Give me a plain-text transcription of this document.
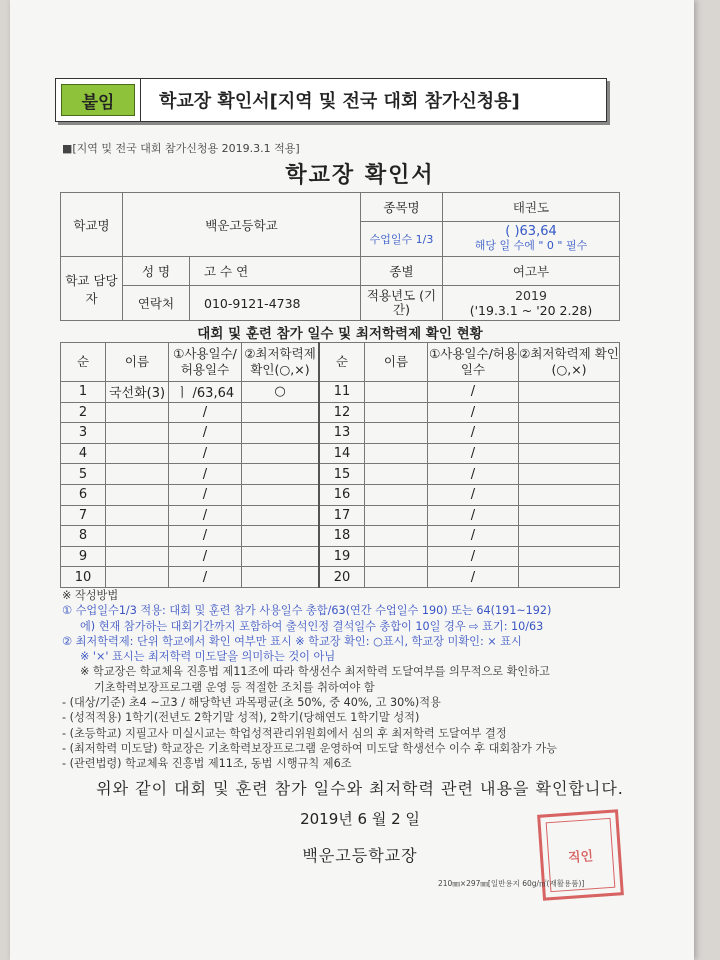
붙임	학교장 확인서[지역 및 전국 대회 참가신청용]
■[지역 및 전국 대회 참가신청용 2019.3.1 적용]
학교장 확인서
학교명	백운고등학교		종목명	태권도
			수업일수 1/3	( )63,64
해당 일 수에 " 0 " 필수

학교 담당자	성 명	고 수 연	종별	여고부
	연락처	010-9121-4738	적용년도 (기간)	2019
('19.3.1 ~ '20 2.28)
대회 및 훈련 참가 일수 및 최저학력제 확인 현황
순	이름	①사용일수/허용일수	②최저학력제 확인(○,×)	순	이름	①사용일수/허용일수	②최저학력제 확인(○,×)
1	국선화(3)	ㅣ /63,64	○	11		/	
2		/		12		/	
3		/		13		/	
4		/		14		/	
5		/		15		/	
6		/		16		/	
7		/		17		/	
8		/		18		/	
9		/		19		/	
10		/		20		/	
※ 작성방법
① 수업일수1/3 적용: 대회 및 훈련 참가 사용일수 총합/63(연간 수업일수 190) 또는 64(191~192)
에) 현재 참가하는 대회기간까지 포함하여 출석인정 결석일수 총합이 10일 경우 ⇨ 표기: 10/63
② 최저학력제: 단위 학교에서 확인 여부만 표시 ※ 학교장 확인: ○표시, 학교장 미확인: × 표시
※ '×' 표시는 최저학력 미도달을 의미하는 것이 아님
※ 학교장은 학교체육 진흥법 제11조에 따라 학생선수 최저학력 도달여부를 의무적으로 확인하고
기초학력보장프로그램 운영 등 적절한 조치를 취하여야 함
- (대상/기준) 초4 ~고3 / 해당학년 과목평균(초 50%, 중 40%, 고 30%)적용
- (성적적용) 1학기(전년도 2학기말 성적), 2학기(당해연도 1학기말 성적)
- (초등학교) 지필고사 미실시교는 학업성적관리위원회에서 심의 후 최저학력 도달여부 결정
- (최저학력 미도달) 학교장은 기초학력보장프로그램 운영하여 미도달 학생선수 이수 후 대회참가 가능
- (관련법령) 학교체육 진흥법 제11조, 동법 시행규칙 제6조
위와 같이 대회 및 훈련 참가 일수와 최저학력 관련 내용을 확인합니다.
2019년 6 월 2 일
백운고등학교장	직인
210㎜×297㎜[일반용지 60g/㎡(재활용품)]
